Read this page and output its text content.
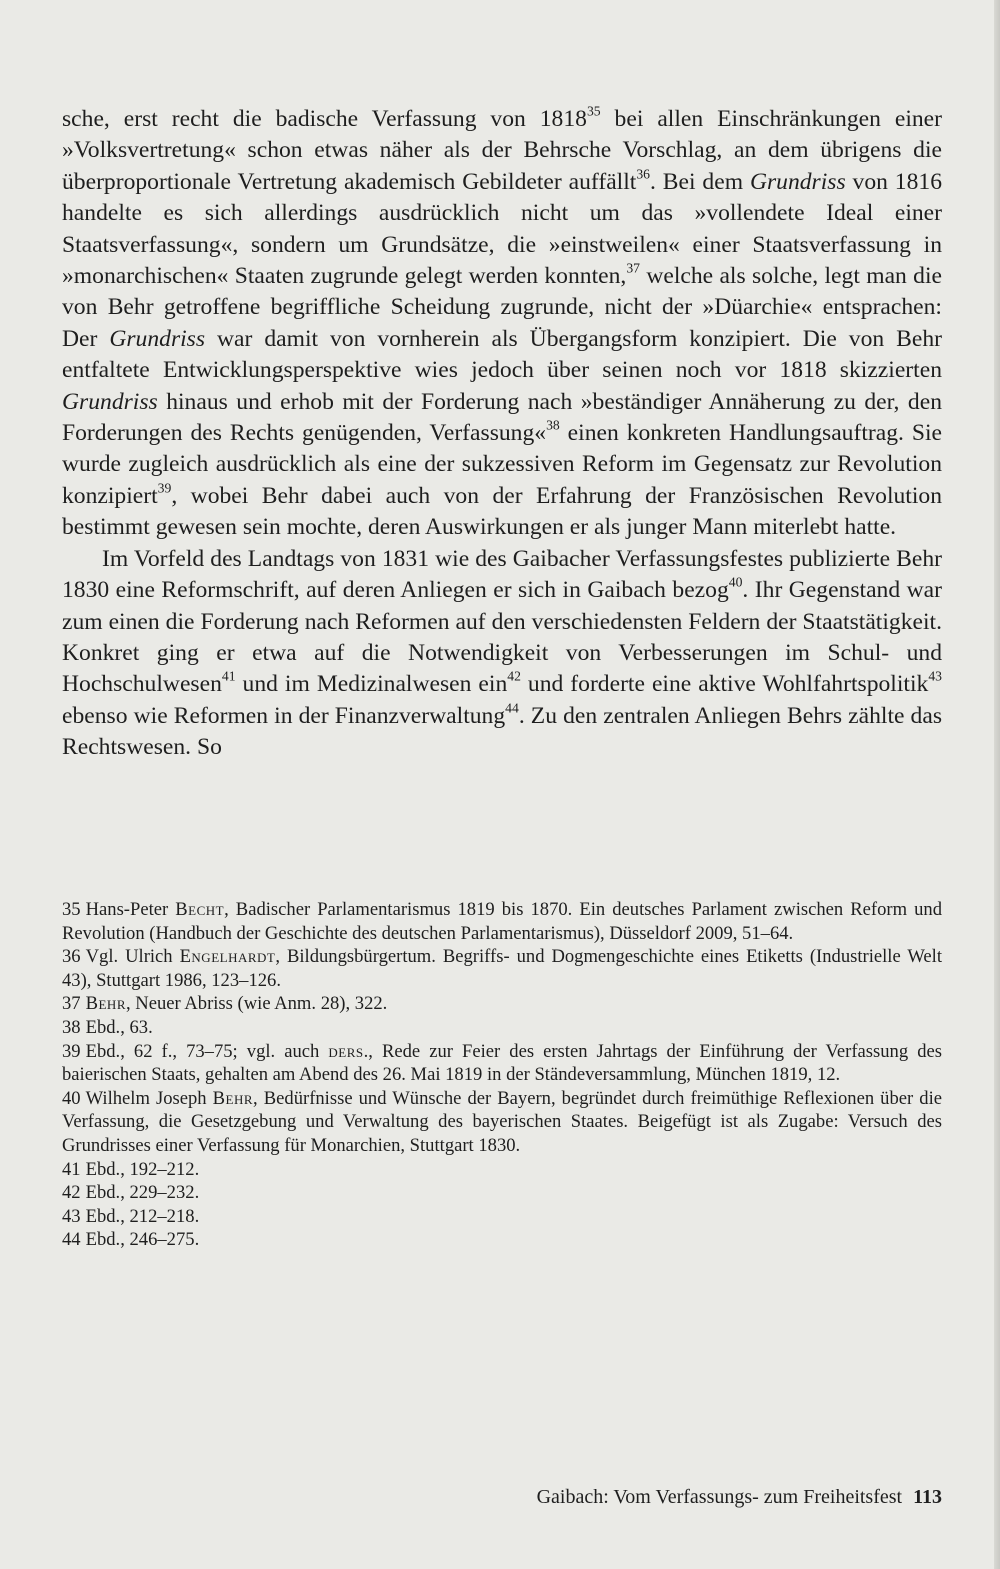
sche, erst recht die badische Verfassung von 1818$^{35}$ bei allen Einschränkungen einer »Volksvertretung« schon etwas näher als der Behrsche Vorschlag, an dem übrigens die überproportionale Vertretung akademisch Gebildeter auffällt$^{36}$. Bei dem Grundriss von 1816 handelte es sich allerdings ausdrücklich nicht um das »vollendete Ideal einer Staatsverfassung«, sondern um Grundsätze, die »einstweilen« einer Staatsverfassung in »monarchischen« Staaten zugrunde gelegt werden konnten,$^{37}$ welche als solche, legt man die von Behr getroffene begriffliche Scheidung zugrunde, nicht der »Düarchie« entsprachen: Der Grundriss war damit von vornherein als Übergangsform konzipiert. Die von Behr entfaltete Entwicklungsperspektive wies jedoch über seinen noch vor 1818 skizzierten Grundriss hinaus und erhob mit der Forderung nach »beständiger Annäherung zu der, den Forderungen des Rechts genügenden, Verfassung«$^{38}$ einen konkreten Handlungsauftrag. Sie wurde zugleich ausdrücklich als eine der sukzessiven Reform im Gegensatz zur Revolution konzipiert$^{39}$, wobei Behr dabei auch von der Erfahrung der Französischen Revolution bestimmt gewesen sein mochte, deren Auswirkungen er als junger Mann miterlebt hatte.

Im Vorfeld des Landtags von 1831 wie des Gaibacher Verfassungsfestes publizierte Behr 1830 eine Reformschrift, auf deren Anliegen er sich in Gaibach bezog$^{40}$. Ihr Gegenstand war zum einen die Forderung nach Reformen auf den verschiedensten Feldern der Staatstätigkeit. Konkret ging er etwa auf die Notwendigkeit von Verbesserungen im Schul- und Hochschulwesen$^{41}$ und im Medizinalwesen ein$^{42}$ und forderte eine aktive Wohlfahrtspolitik$^{43}$ ebenso wie Reformen in der Finanzverwaltung$^{44}$. Zu den zentralen Anliegen Behrs zählte das Rechtswesen. So

35 Hans-Peter Becht, Badischer Parlamentarismus 1819 bis 1870. Ein deutsches Parlament zwischen Reform und Revolution (Handbuch der Geschichte des deutschen Parlamentarismus), Düsseldorf 2009, 51–64.

36 Vgl. Ulrich Engelhardt, Bildungsbürgertum. Begriffs- und Dogmengeschichte eines Etiketts (Industrielle Welt 43), Stuttgart 1986, 123–126.

37 Behr, Neuer Abriss (wie Anm. 28), 322.

38 Ebd., 63.

39 Ebd., 62 f., 73–75; vgl. auch ders., Rede zur Feier des ersten Jahrtags der Einführung der Verfassung des baierischen Staats, gehalten am Abend des 26. Mai 1819 in der Ständeversammlung, München 1819, 12.

40 Wilhelm Joseph Behr, Bedürfnisse und Wünsche der Bayern, begründet durch freimüthige Reflexionen über die Verfassung, die Gesetzgebung und Verwaltung des bayerischen Staates. Beigefügt ist als Zugabe: Versuch des Grundrisses einer Verfassung für Monarchien, Stuttgart 1830.

41 Ebd., 192–212.

42 Ebd., 229–232.

43 Ebd., 212–218.

44 Ebd., 246–275.

Gaibach: Vom Verfassungs- zum Freiheitsfest 113
